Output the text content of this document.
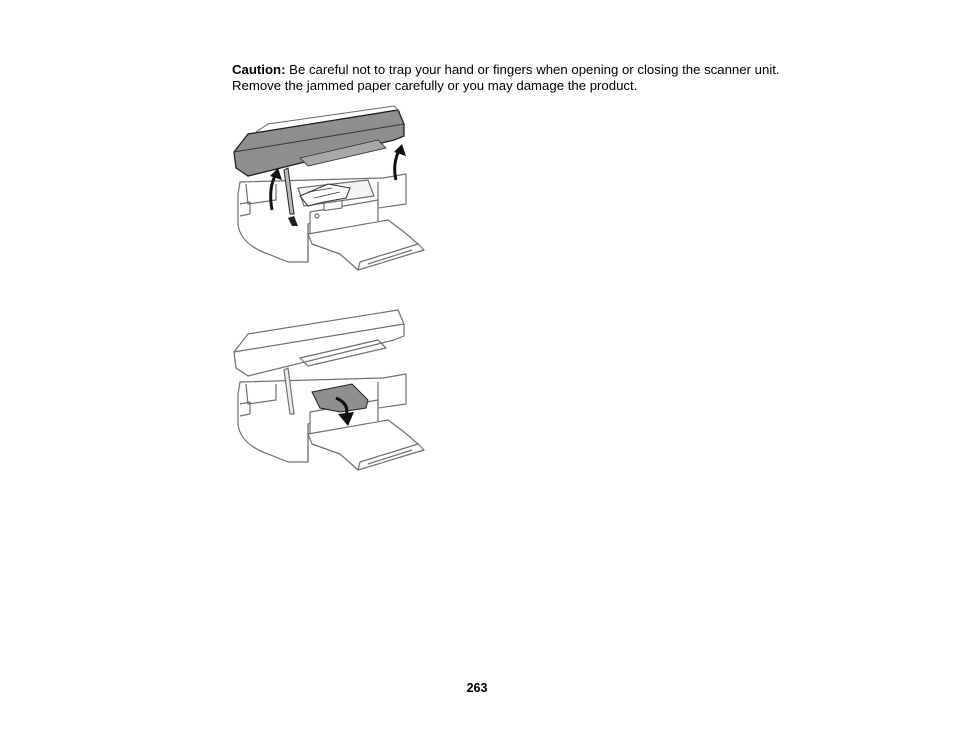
Caution: Be careful not to trap your hand or fingers when opening or closing the scanner unit.
Remove the jammed paper carefully or you may damage the product.
263
